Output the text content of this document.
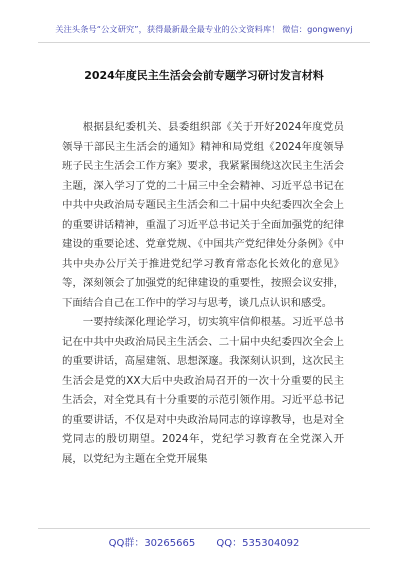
关注头条号“公文研究”，获得最新最全最专业的公文资料库！ 微信：gongwenyj
2024年度民主生活会会前专题学习研讨发言材料

根据县纪委机关、县委组织部《关于开好2024年度党员领导干部民主生活会的通知》精神和局党组《2024年度领导班子民主生活会工作方案》要求，我紧紧围绕这次民主生活会主题，深入学习了党的二十届三中全会精神、习近平总书记在中共中央政治局专题民主生活会和二十届中央纪委四次全会上的重要讲话精神，重温了习近平总书记关于全面加强党的纪律建设的重要论述、党章党规、《中国共产党纪律处分条例》《中共中央办公厅关于推进党纪学习教育常态化长效化的意见》等，深刻领会了加强党的纪律建设的重要性，按照会议安排，下面结合自己在工作中的学习与思考，谈几点认识和感受。

一要持续深化理论学习，切实筑牢信仰根基。习近平总书记在中共中央政治局民主生活会、二十届中央纪委四次全会上的重要讲话，高屋建瓴、思想深邃。我深刻认识到，这次民主生活会是党的XX大后中央政治局召开的一次十分重要的民主生活会，对全党具有十分重要的示范引领作用。习近平总书记的重要讲话，不仅是对中央政治局同志的谆谆教导，也是对全党同志的殷切期望。2024年，党纪学习教育在全党深入开展，以党纪为主题在全党开展集

QQ群：30265665 QQ：535304092
